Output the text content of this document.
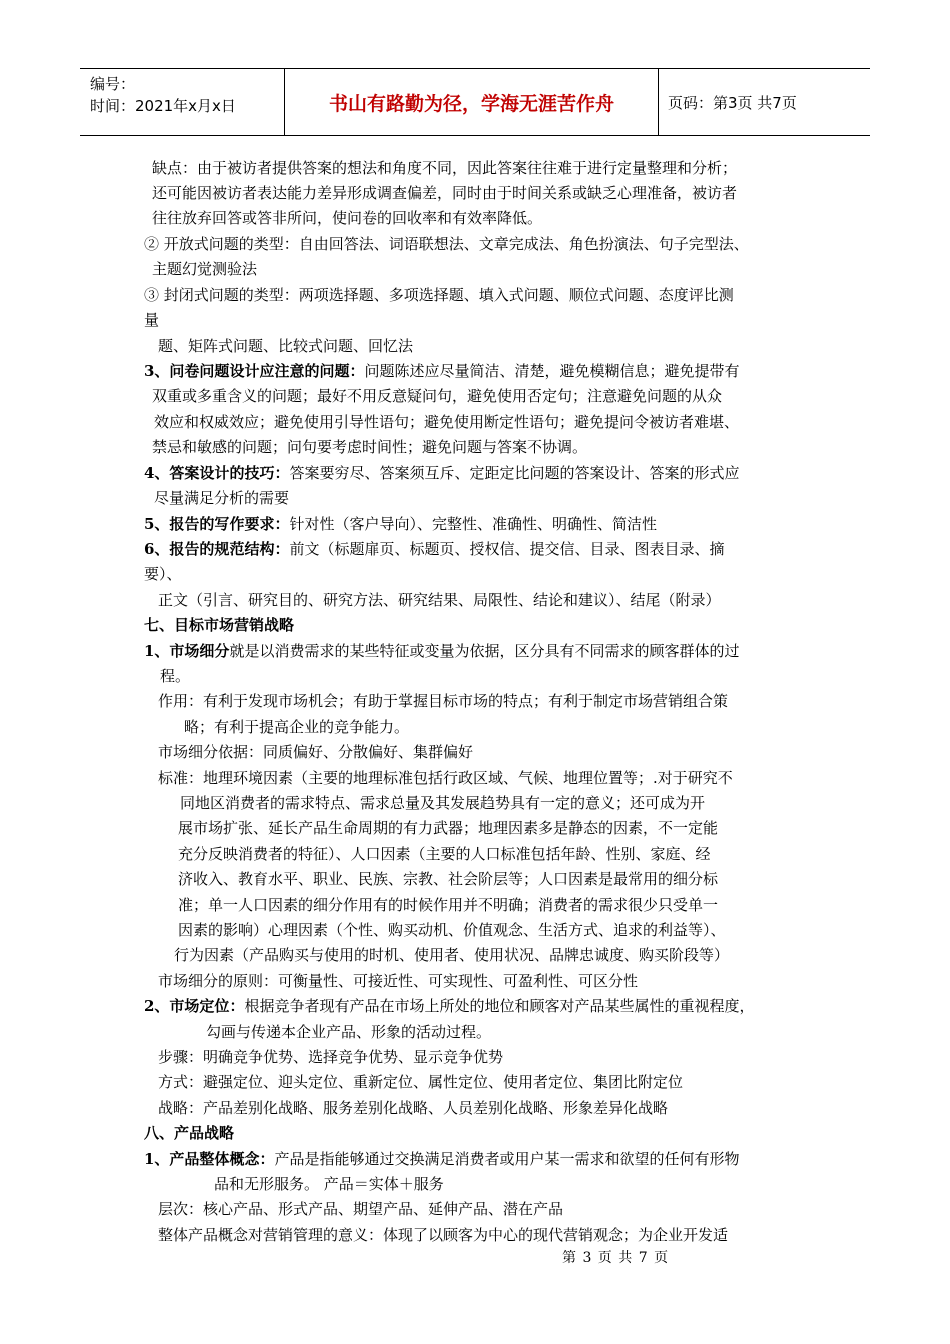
编号：
时间：2021年x月x日	书山有路勤为径，学海无涯苦作舟	页码：第3页 共7页
缺点：由于被访者提供答案的想法和角度不同，因此答案往往难于进行定量整理和分析；
还可能因被访者表达能力差异形成调查偏差，同时由于时间关系或缺乏心理准备，被访者
往往放弃回答或答非所问，使问卷的回收率和有效率降低。
② 开放式问题的类型：自由回答法、词语联想法、文章完成法、角色扮演法、句子完型法、
主题幻觉测验法
③ 封闭式问题的类型：两项选择题、多项选择题、填入式问题、顺位式问题、态度评比测
量
题、矩阵式问题、比较式问题、回忆法
3、问卷问题设计应注意的问题：问题陈述应尽量简洁、清楚，避免模糊信息；避免提带有
双重或多重含义的问题；最好不用反意疑问句，避免使用否定句；注意避免问题的从众
效应和权威效应；避免使用引导性语句；避免使用断定性语句；避免提问令被访者难堪、
禁忌和敏感的问题；问句要考虑时间性；避免问题与答案不协调。
4、答案设计的技巧：答案要穷尽、答案须互斥、定距定比问题的答案设计、答案的形式应
尽量满足分析的需要
5、报告的写作要求：针对性（客户导向）、完整性、准确性、明确性、简洁性
6、报告的规范结构：前文（标题扉页、标题页、授权信、提交信、目录、图表目录、摘
要）、
正文（引言、研究目的、研究方法、研究结果、局限性、结论和建议）、结尾（附录）
七、目标市场营销战略
1、市场细分就是以消费需求的某些特征或变量为依据，区分具有不同需求的顾客群体的过
程。
作用：有利于发现市场机会；有助于掌握目标市场的特点；有利于制定市场营销组合策
略；有利于提高企业的竞争能力。
市场细分依据：同质偏好、分散偏好、集群偏好
标准：地理环境因素（主要的地理标准包括行政区域、气候、地理位置等；.对于研究不
同地区消费者的需求特点、需求总量及其发展趋势具有一定的意义；还可成为开
展市场扩张、延长产品生命周期的有力武器；地理因素多是静态的因素，不一定能
充分反映消费者的特征）、人口因素（主要的人口标准包括年龄、性别、家庭、经
济收入、教育水平、职业、民族、宗教、社会阶层等；人口因素是最常用的细分标
准；单一人口因素的细分作用有的时候作用并不明确；消费者的需求很少只受单一
因素的影响）心理因素（个性、购买动机、价值观念、生活方式、追求的利益等）、
行为因素（产品购买与使用的时机、使用者、使用状况、品牌忠诚度、购买阶段等）
市场细分的原则：可衡量性、可接近性、可实现性、可盈利性、可区分性
2、市场定位：根据竞争者现有产品在市场上所处的地位和顾客对产品某些属性的重视程度，
勾画与传递本企业产品、形象的活动过程。
步骤：明确竞争优势、选择竞争优势、显示竞争优势
方式：避强定位、迎头定位、重新定位、属性定位、使用者定位、集团比附定位
战略：产品差别化战略、服务差别化战略、人员差别化战略、形象差异化战略
八、产品战略
1、产品整体概念：产品是指能够通过交换满足消费者或用户某一需求和欲望的任何有形物
品和无形服务。 产品＝实体＋服务
层次：核心产品、形式产品、期望产品、延伸产品、潜在产品
整体产品概念对营销管理的意义：体现了以顾客为中心的现代营销观念；为企业开发适
第 3 页 共 7 页
